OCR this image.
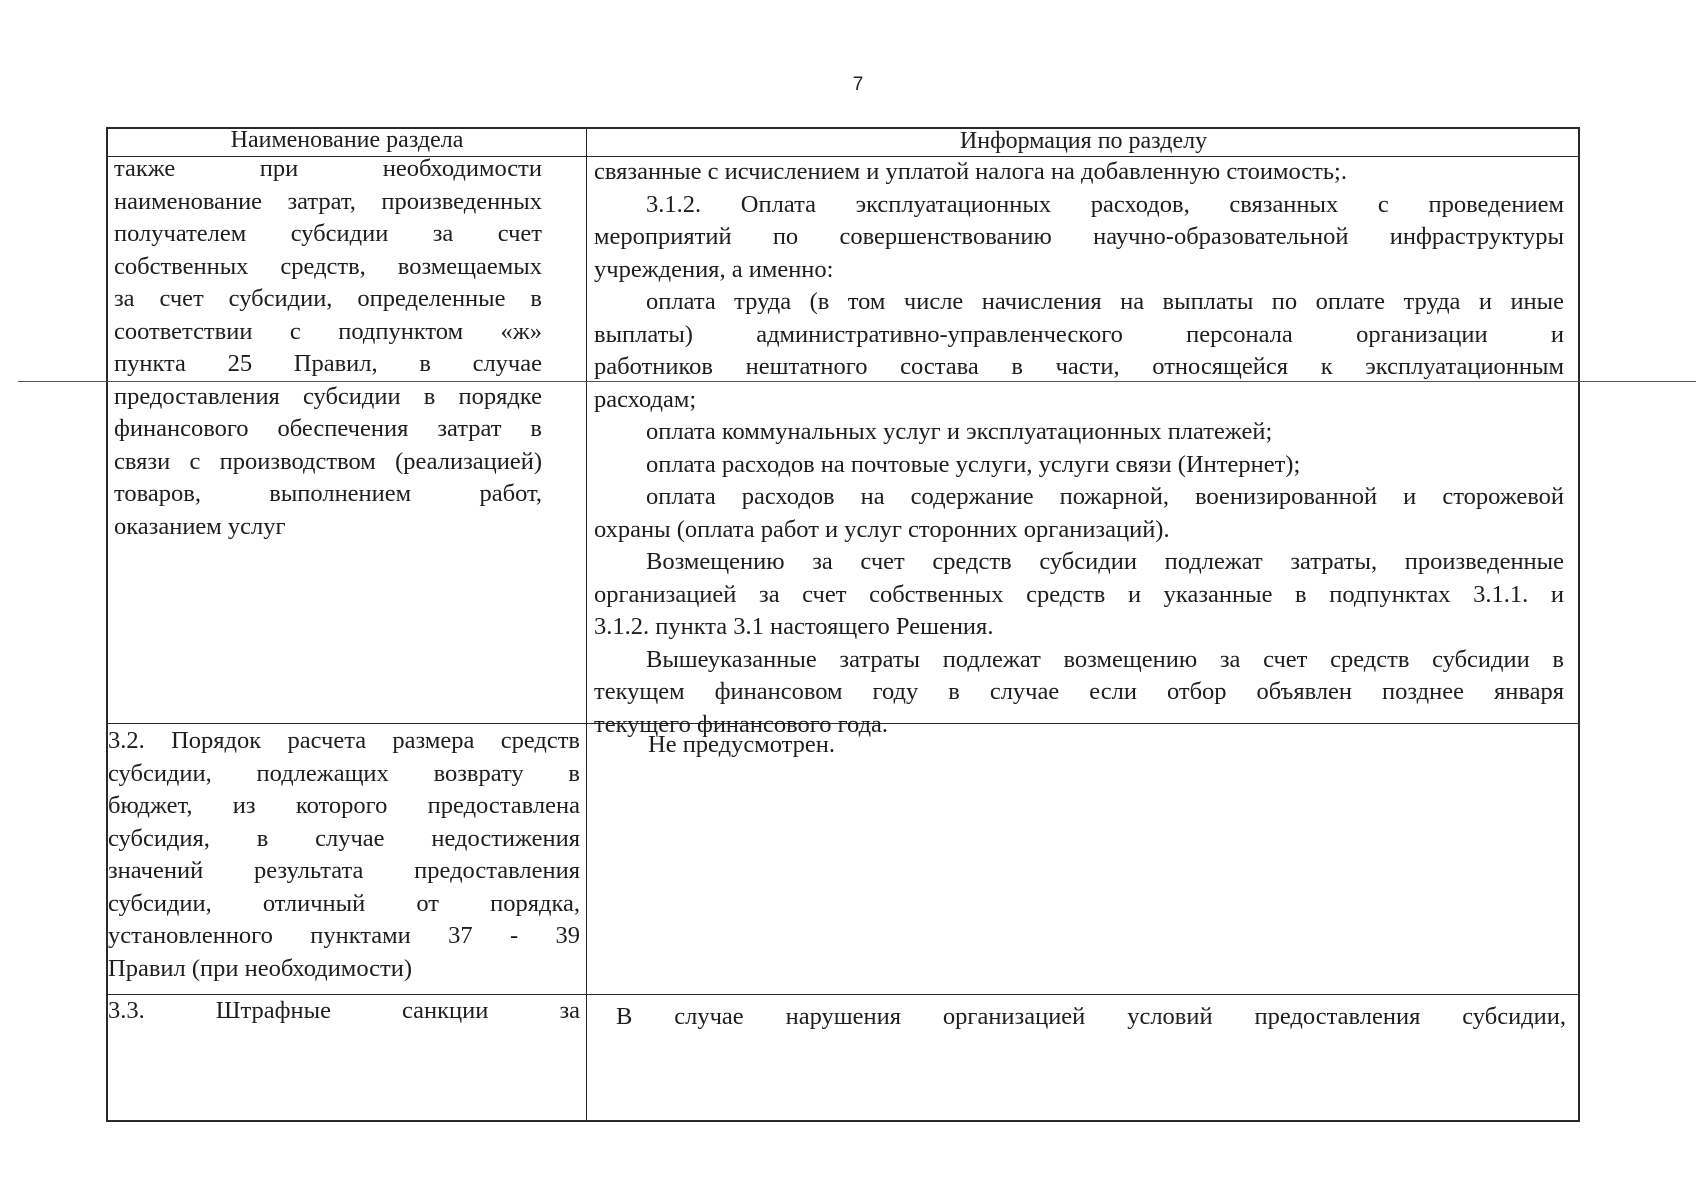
7
Наименование раздела	Информация по разделу
также при необходимости
наименование затрат, произведенных
получателем субсидии за счет
собственных средств, возмещаемых
за счет субсидии, определенные в
соответствии с подпунктом «ж»
пункта 25 Правил, в случае
предоставления субсидии в порядке
финансового обеспечения затрат в
связи с производством (реализацией)
товаров, выполнением работ,
оказанием услуг
связанные с исчислением и уплатой налога на добавленную стоимость;.
3.1.2. Оплата эксплуатационных расходов, связанных с проведением
мероприятий по совершенствованию научно-образовательной инфраструктуры
учреждения, а именно:
оплата труда (в том числе начисления на выплаты по оплате труда и иные
выплаты) административно-управленческого персонала организации и
работников нештатного состава в части, относящейся к эксплуатационным
расходам;
оплата коммунальных услуг и эксплуатационных платежей;
оплата расходов на почтовые услуги, услуги связи (Интернет);
оплата расходов на содержание пожарной, военизированной и сторожевой
охраны (оплата работ и услуг сторонних организаций).
Возмещению за счет средств субсидии подлежат затраты, произведенные
организацией за счет собственных средств и указанные в подпунктах 3.1.1. и
3.1.2. пункта 3.1 настоящего Решения.
Вышеуказанные затраты подлежат возмещению за счет средств субсидии в
текущем финансовом году в случае если отбор объявлен позднее января
текущего финансового года.
3.2. Порядок расчета размера средств
субсидии, подлежащих возврату в
бюджет, из которого предоставлена
субсидия, в случае недостижения
значений результата предоставления
субсидии, отличный от порядка,
установленного пунктами 37 - 39
Правил (при необходимости)
Не предусмотрен.
3.3. Штрафные санкции за В случае нарушения организацией условий предоставления субсидии,
